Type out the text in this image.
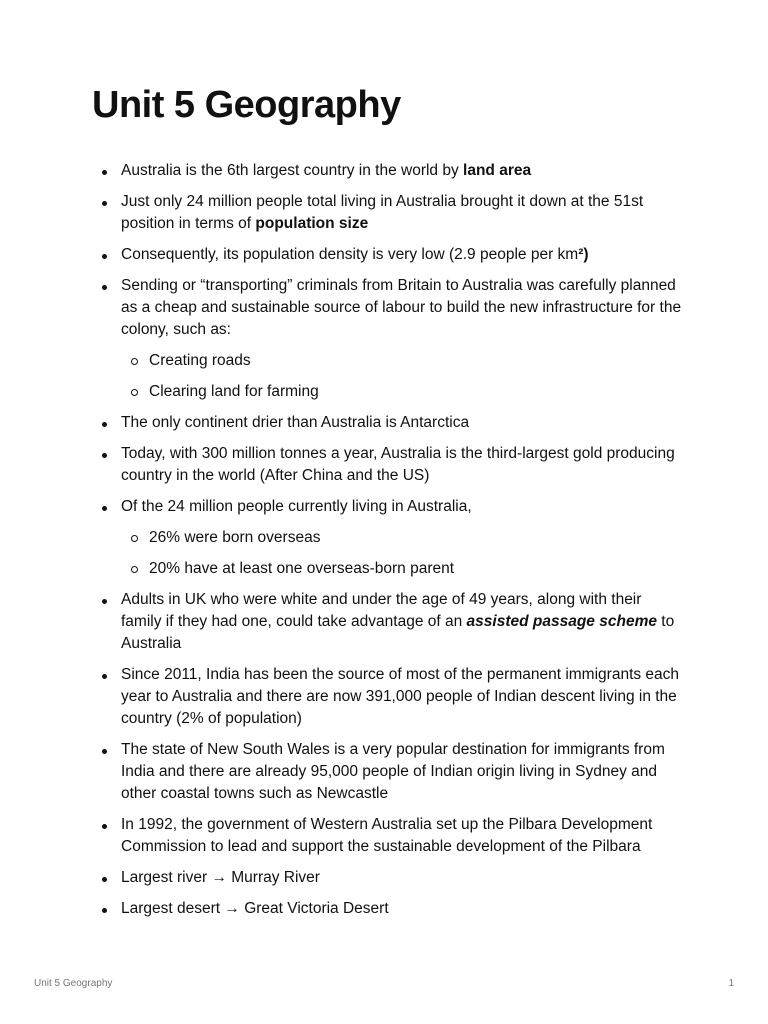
Unit 5 Geography
Australia is the 6th largest country in the world by land area
Just only 24 million people total living in Australia brought it down at the 51st position in terms of population size
Consequently, its population density is very low (2.9 people per km²)
Sending or “transporting” criminals from Britain to Australia was carefully planned as a cheap and sustainable source of labour to build the new infrastructure for the colony, such as:
Creating roads
Clearing land for farming
The only continent drier than Australia is Antarctica
Today, with 300 million tonnes a year, Australia is the third-largest gold producing country in the world (After China and the US)
Of the 24 million people currently living in Australia,
26% were born overseas
20% have at least one overseas-born parent
Adults in UK who were white and under the age of 49 years, along with their family if they had one, could take advantage of an assisted passage scheme to Australia
Since 2011, India has been the source of most of the permanent immigrants each year to Australia and there are now 391,000 people of Indian descent living in the country (2% of population)
The state of New South Wales is a very popular destination for immigrants from India and there are already 95,000 people of Indian origin living in Sydney and other coastal towns such as Newcastle
In 1992, the government of Western Australia set up the Pilbara Development Commission to lead and support the sustainable development of the Pilbara
Largest river → Murray River
Largest desert → Great Victoria Desert
Unit 5 Geography	1
